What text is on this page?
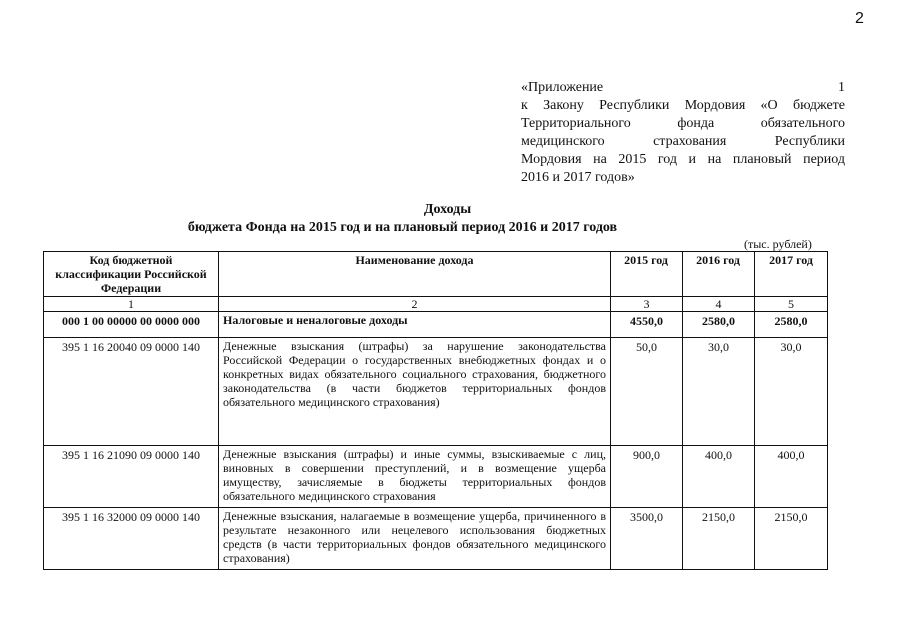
2
«Приложение 1
к Закону Республики Мордовия «О бюджете
Территориального фонда обязательного
медицинского страхования Республики
Мордовия на 2015 год и на плановый период
2016 и 2017 годов»
Доходы
бюджета Фонда на 2015 год и на плановый период 2016 и 2017 годов
(тыс. рублей)
Код бюджетной классификации Российской Федерации	Наименование дохода	2015 год	2016 год	2017 год
1	2	3	4	5
000 1 00 00000 00 0000 000	Налоговые и неналоговые доходы	4550,0	2580,0	2580,0
395 1 16 20040 09 0000 140	Денежные взыскания (штрафы) за нарушение законодательства Российской Федерации о государственных внебюджетных фондах и о конкретных видах обязательного социального страхования, бюджетного законодательства (в части бюджетов территориальных фондов обязательного медицинского страхования)	50,0	30,0	30,0
395 1 16 21090 09 0000 140	Денежные взыскания (штрафы) и иные суммы, взыскиваемые с лиц, виновных в совершении преступлений, и в возмещение ущерба имуществу, зачисляемые в бюджеты территориальных фондов обязательного медицинского страхования	900,0	400,0	400,0
395 1 16 32000 09 0000 140	Денежные взыскания, налагаемые в возмещение ущерба, причиненного в результате незаконного или нецелевого использования бюджетных средств (в части территориальных фондов обязательного медицинского страхования)	3500,0	2150,0	2150,0
